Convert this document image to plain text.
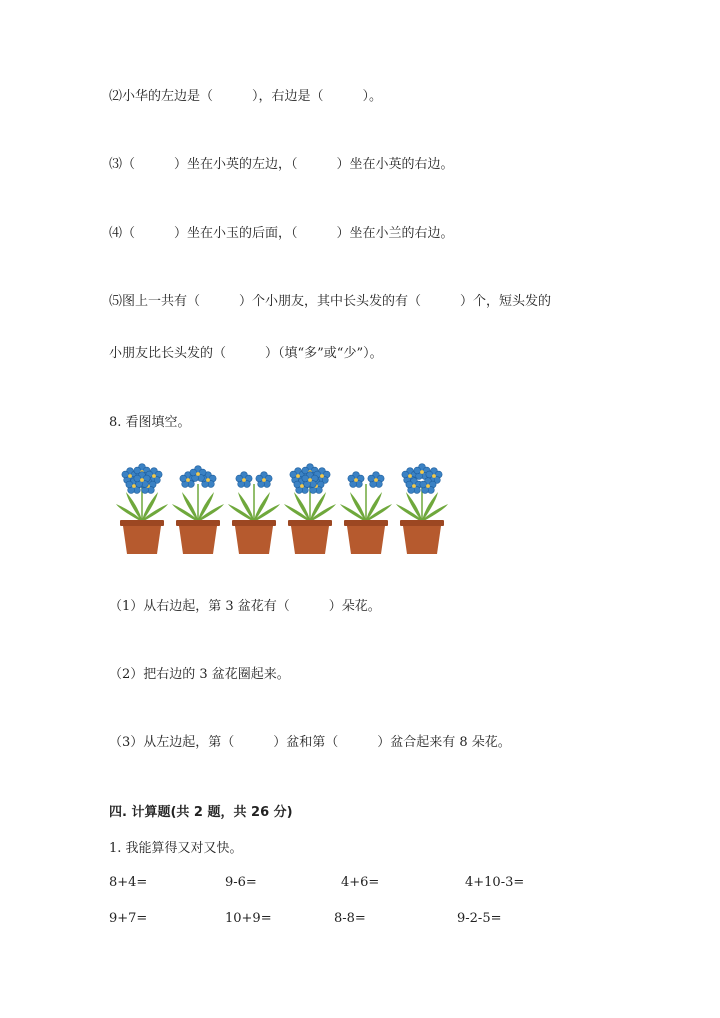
⑵小华的左边是（　　　），右边是（　　　）。
⑶（　　　）坐在小英的左边，（　　　）坐在小英的右边。
⑷（　　　）坐在小玉的后面，（　　　）坐在小兰的右边。
⑸图上一共有（　　　）个小朋友，其中长头发的有（　　　）个，短头发的
小朋友比长头发的（　　　）（填“多”或“少”）。
8. 看图填空。
（1）从右边起，第 3 盆花有（　　　）朵花。
（2）把右边的 3 盆花圈起来。
（3）从左边起，第（　　　）盆和第（　　　）盆合起来有 8 朵花。
四. 计算题(共 2 题，共 26 分)
1. 我能算得又对又快。
8+4=	9-6=	4+6=	4+10-3=
9+7=	10+9=	8-8=	9-2-5=
